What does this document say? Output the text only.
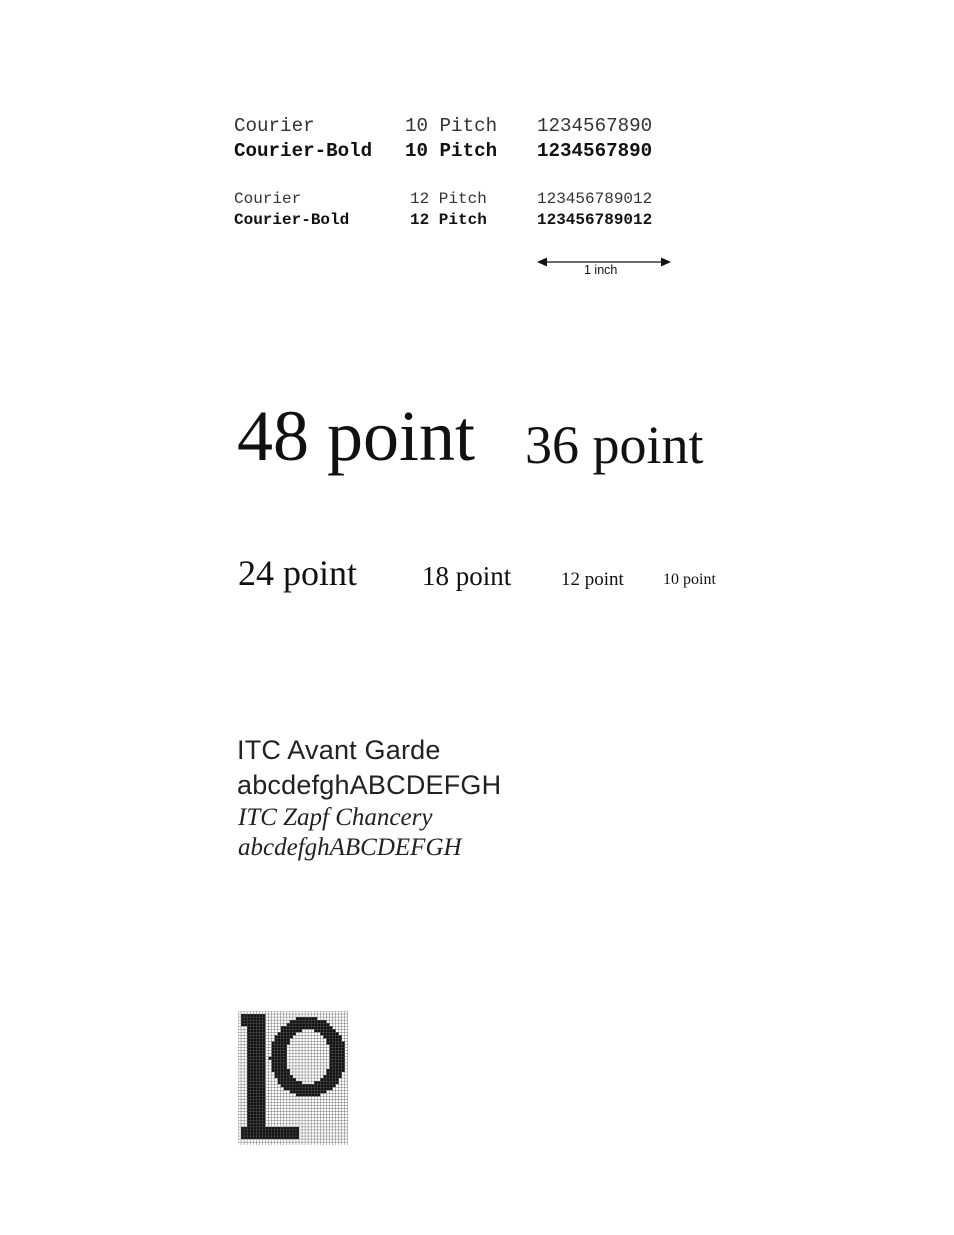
Courier	10 Pitch 1234567890
Courier-Bold 10 Pitch 1234567890
Courier	12 Pitch	123456789012
Courier-Bold	12 Pitch	123456789012
1 inch
48 point 36 point
24 point 18 point	12 point 10 point
ITC Avant Garde
abcdefghABCDEFGH
ITC Zapf Chancery
abcdefghABCDEFGH
